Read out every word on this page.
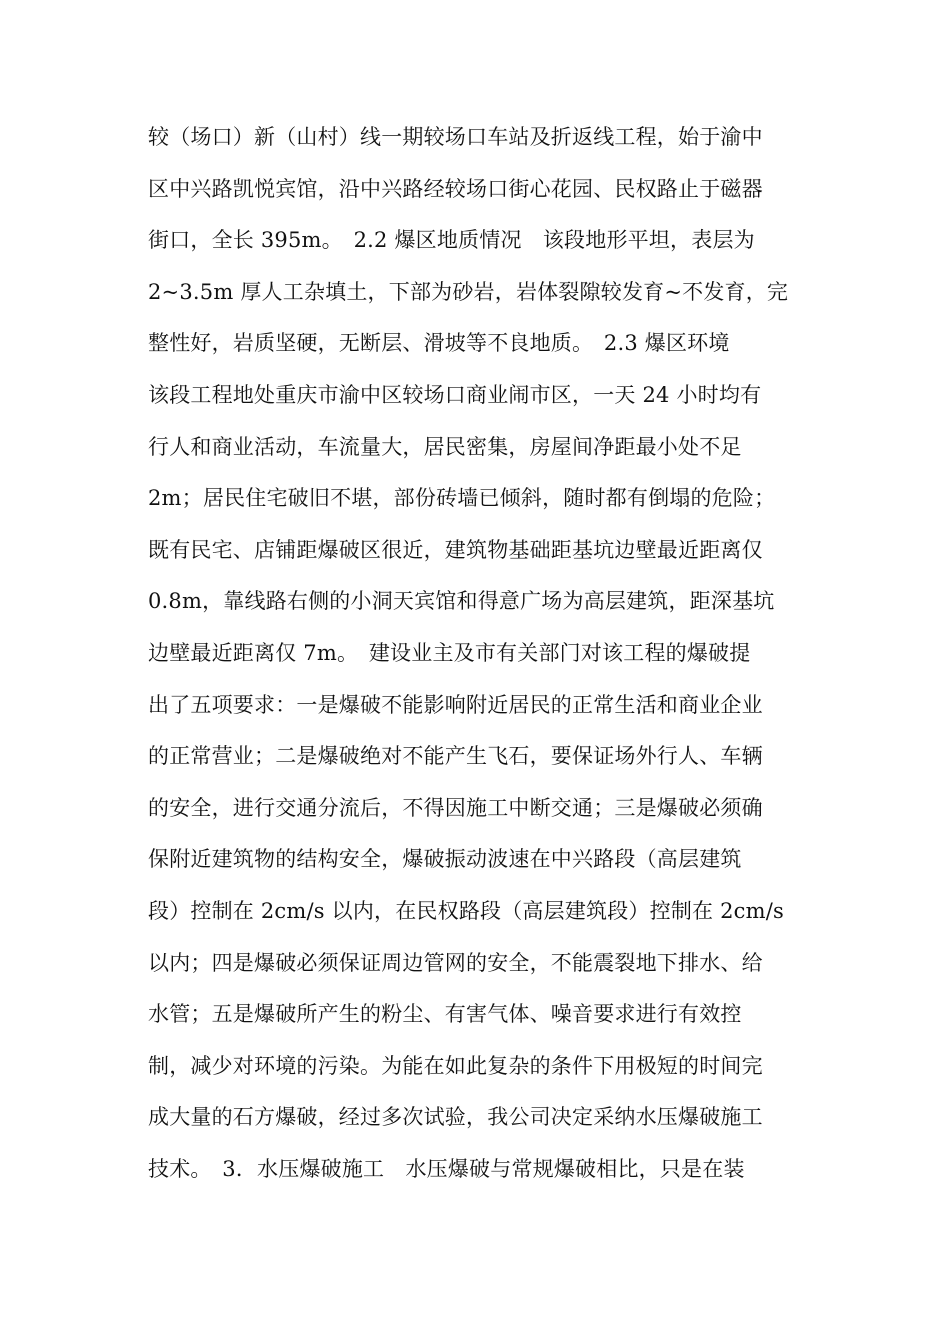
较（场口）新（山村）线一期较场口车站及折返线工程，始于渝中
区中兴路凯悦宾馆，沿中兴路经较场口街心花园、民权路止于磁器
街口，全长 395m。　2.2 爆区地质情况　该段地形平坦，表层为
2~3.5m 厚人工杂填土，下部为砂岩，岩体裂隙较发育~不发育，完
整性好，岩质坚硬，无断层、滑坡等不良地质。　2.3 爆区环境
该段工程地处重庆市渝中区较场口商业闹市区，一天 24 小时均有
行人和商业活动，车流量大，居民密集，房屋间净距最小处不足
2m；居民住宅破旧不堪，部份砖墙已倾斜，随时都有倒塌的危险；
既有民宅、店铺距爆破区很近，建筑物基础距基坑边壁最近距离仅
0.8m，靠线路右侧的小洞天宾馆和得意广场为高层建筑，距深基坑
边壁最近距离仅 7m。　建设业主及市有关部门对该工程的爆破提
出了五项要求：一是爆破不能影响附近居民的正常生活和商业企业
的正常营业；二是爆破绝对不能产生飞石，要保证场外行人、车辆
的安全，进行交通分流后，不得因施工中断交通；三是爆破必须确
保附近建筑物的结构安全，爆破振动波速在中兴路段（高层建筑
段）控制在 2cm/s 以内，在民权路段（高层建筑段）控制在 2cm/s
以内；四是爆破必须保证周边管网的安全，不能震裂地下排水、给
水管；五是爆破所产生的粉尘、有害气体、噪音要求进行有效控
制，减少对环境的污染。为能在如此复杂的条件下用极短的时间完
成大量的石方爆破，经过多次试验，我公司决定采纳水压爆破施工
技术。　3．水压爆破施工　水压爆破与常规爆破相比，只是在装
